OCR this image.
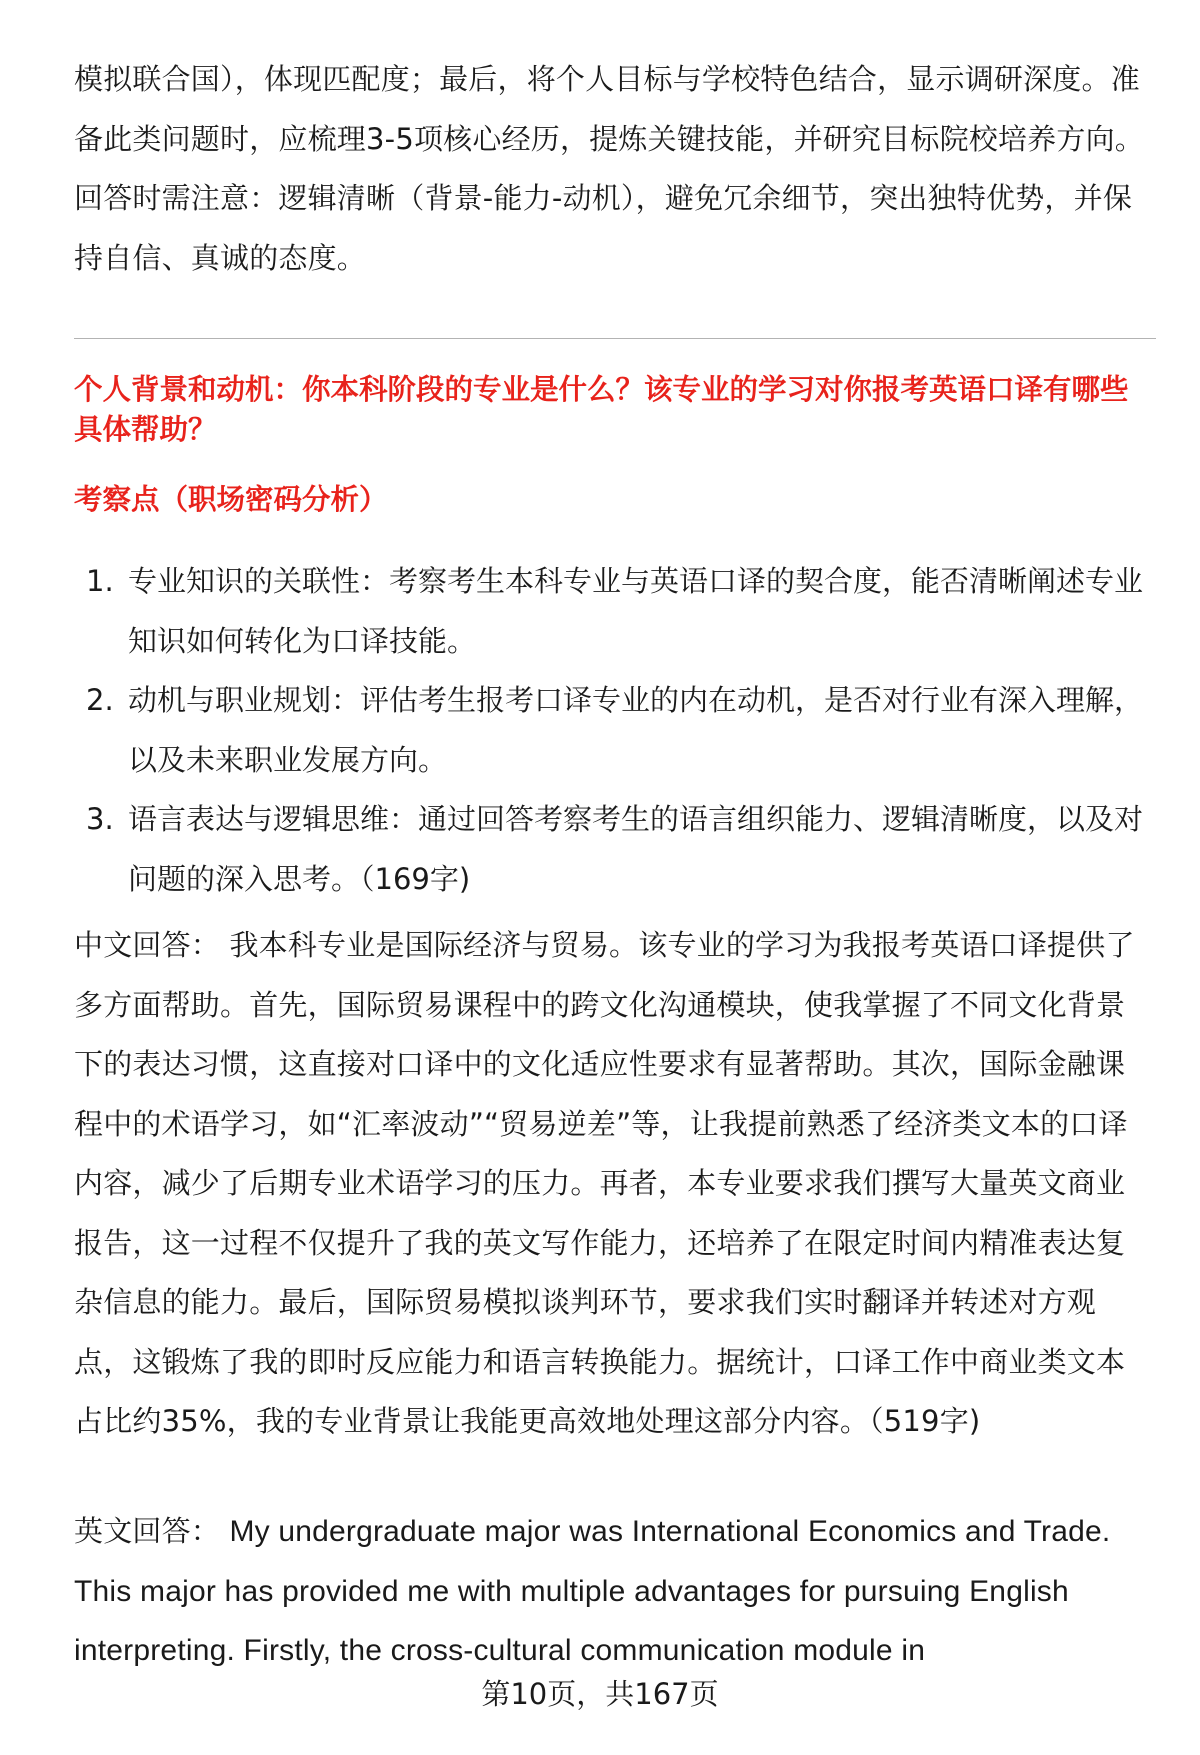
模拟联合国），体现匹配度；最后，将个人目标与学校特色结合，显示调研深度。准备此类问题时，应梳理3-5项核心经历，提炼关键技能，并研究目标院校培养方向。回答时需注意：逻辑清晰（背景-能力-动机），避免冗余细节，突出独特优势，并保持自信、真诚的态度。

个人背景和动机：你本科阶段的专业是什么？该专业的学习对你报考英语口译有哪些具体帮助？

考察点（职场密码分析）

1. 专业知识的关联性：考察考生本科专业与英语口译的契合度，能否清晰阐述专业知识如何转化为口译技能。
2. 动机与职业规划：评估考生报考口译专业的内在动机，是否对行业有深入理解，以及未来职业发展方向。
3. 语言表达与逻辑思维：通过回答考察考生的语言组织能力、逻辑清晰度，以及对问题的深入思考。（169字)

中文回答： 我本科专业是国际经济与贸易。该专业的学习为我报考英语口译提供了多方面帮助。首先，国际贸易课程中的跨文化沟通模块，使我掌握了不同文化背景下的表达习惯，这直接对口译中的文化适应性要求有显著帮助。其次，国际金融课程中的术语学习，如“汇率波动”“贸易逆差”等，让我提前熟悉了经济类文本的口译内容，减少了后期专业术语学习的压力。再者，本专业要求我们撰写大量英文商业报告，这一过程不仅提升了我的英文写作能力，还培养了在限定时间内精准表达复杂信息的能力。最后，国际贸易模拟谈判环节，要求我们实时翻译并转述对方观点，这锻炼了我的即时反应能力和语言转换能力。据统计，口译工作中商业类文本占比约35%，我的专业背景让我能更高效地处理这部分内容。（519字)

英文回答： My undergraduate major was International Economics and Trade. This major has provided me with multiple advantages for pursuing English interpreting. Firstly, the cross-cultural communication module in

第10页，共167页
